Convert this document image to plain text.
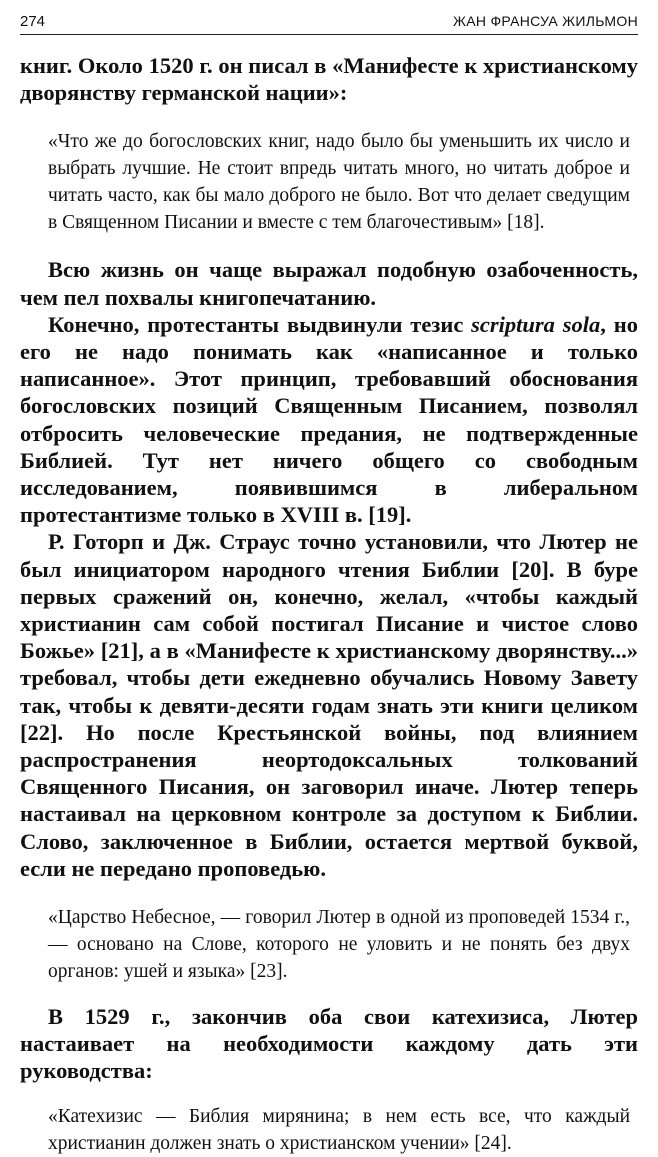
274	ЖАН ФРАНСУА ЖИЛЬМОН

книг. Около 1520 г. он писал в «Манифесте к христианскому дворянству германской нации»:

«Что же до богословских книг, надо было бы уменьшить их число и выбрать лучшие. Не стоит впредь читать много, но читать доброе и читать часто, как бы мало доброго не было. Вот что делает сведущим в Священном Писании и вместе с тем благочестивым» [18].

Всю жизнь он чаще выражал подобную озабоченность, чем пел похвалы книгопечатанию.

Конечно, протестанты выдвинули тезис scriptura sola, но его не надо понимать как «написанное и только написанное». Этот принцип, требовавший обоснования богословских позиций Священным Писанием, позволял отбросить человеческие предания, не подтвержденные Библией. Тут нет ничего общего со свободным исследованием, появившимся в либеральном протестантизме только в XVIII в. [19].

Р. Готорп и Дж. Страус точно установили, что Лютер не был инициатором народного чтения Библии [20]. В буре первых сражений он, конечно, желал, «чтобы каждый христианин сам собой постигал Писание и чистое слово Божье» [21], а в «Манифесте к христианскому дворянству...» требовал, чтобы дети ежедневно обучались Новому Завету так, чтобы к девяти-десяти годам знать эти книги целиком [22]. Но после Крестьянской войны, под влиянием распространения неортодоксальных толкований Священного Писания, он заговорил иначе. Лютер теперь настаивал на церковном контроле за доступом к Библии. Слово, заключенное в Библии, остается мертвой буквой, если не передано проповедью.

«Царство Небесное, — говорил Лютер в одной из проповедей 1534 г., — основано на Слове, которого не уловить и не понять без двух органов: ушей и языка» [23].

В 1529 г., закончив оба свои катехизиса, Лютер настаивает на необходимости каждому дать эти руководства:

«Катехизис — Библия мирянина; в нем есть все, что каждый христианин должен знать о христианском учении» [24].
